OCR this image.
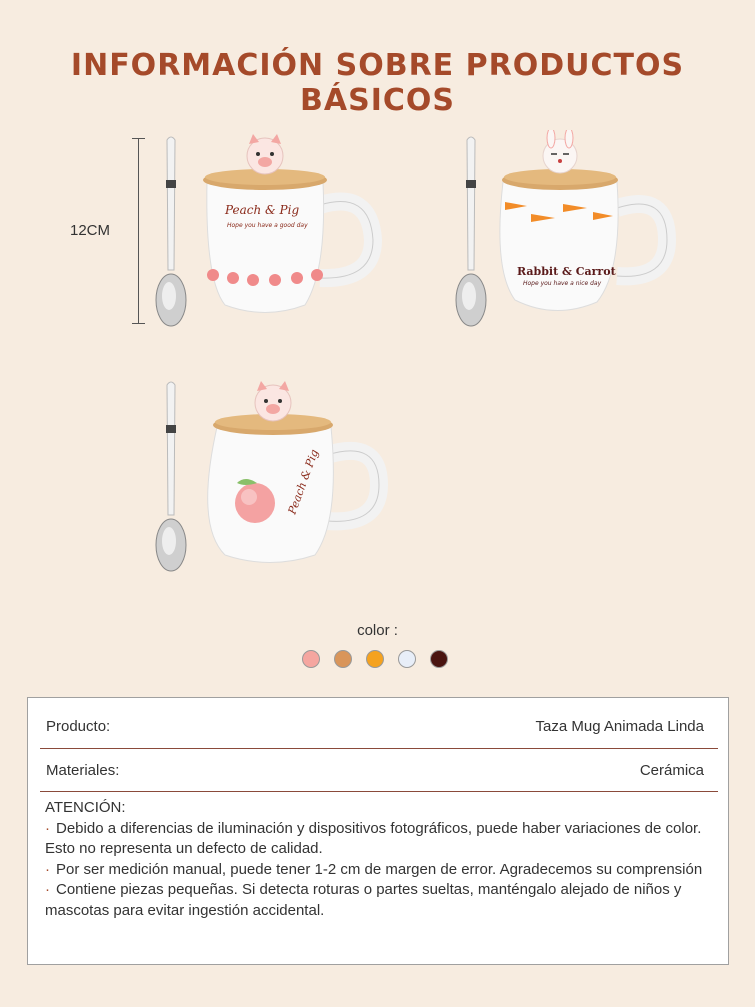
INFORMACIÓN SOBRE PRODUCTOS BÁSICOS
12CM
Peach & Pig
Hope you have a good day
Rabbit & Carrot
Hope you have a nice day
Peach & Pig
color :
Producto:	Taza Mug Animada Linda
Materiales:	Cerámica
ATENCIÓN:
· Debido a diferencias de iluminación y dispositivos fotográficos, puede haber variaciones de color. Esto no representa un defecto de calidad.
· Por ser medición manual, puede tener 1-2 cm de margen de error. Agradecemos su comprensión
· Contiene piezas pequeñas. Si detecta roturas o partes sueltas, manténgalo alejado de niños y mascotas para evitar ingestión accidental.
